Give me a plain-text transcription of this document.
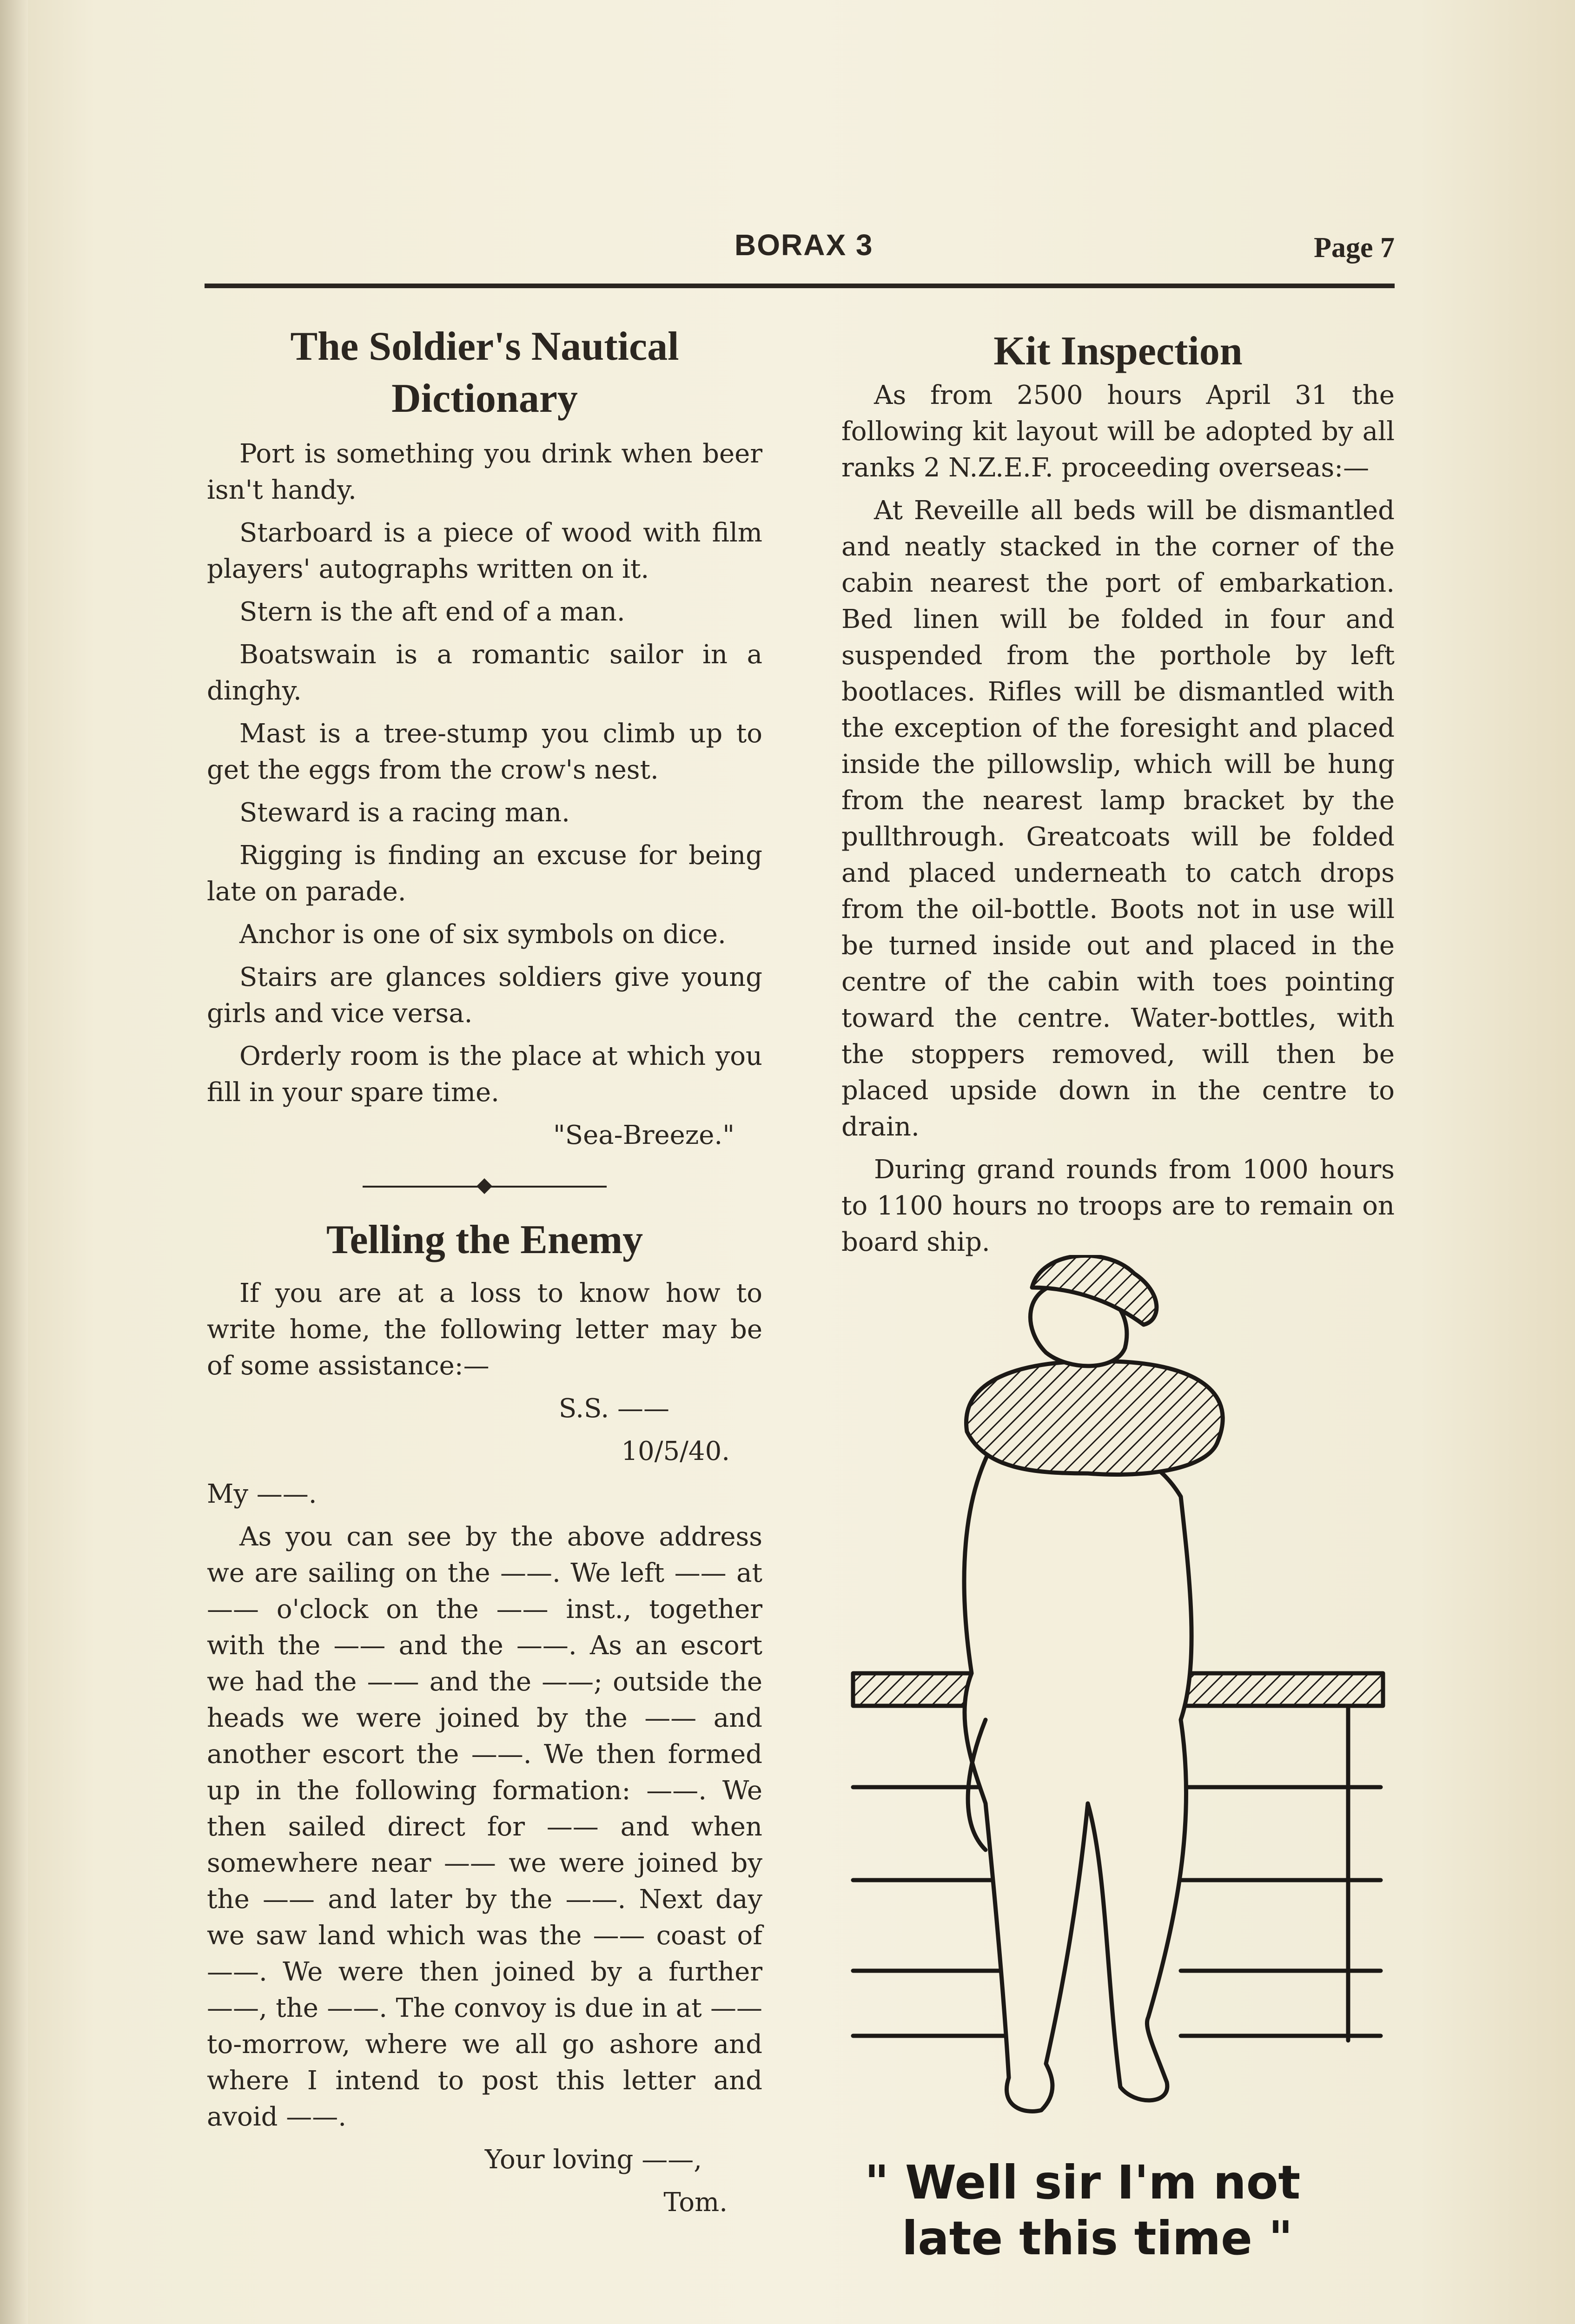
BORAX 3	Page 7
The Soldier's Nautical
Dictionary

Port is something you drink when beer isn't handy.

Starboard is a piece of wood with film players' autographs written on it.

Stern is the aft end of a man.

Boatswain is a romantic sailor in a dinghy.

Mast is a tree-stump you climb up to get the eggs from the crow's nest.

Steward is a racing man.

Rigging is finding an excuse for being late on parade.

Anchor is one of six symbols on dice.

Stairs are glances soldiers give young girls and vice versa.

Orderly room is the place at which you fill in your spare time.

"Sea-Breeze."

Telling the Enemy

If you are at a loss to know how to write home, the following letter may be of some assistance:—

S.S. ——

10/5/40.

My ——.

As you can see by the above address we are sailing on the ——. We left —— at —— o'clock on the —— inst., together with the —— and the ——. As an escort we had the —— and the ——; outside the heads we were joined by the —— and another escort the ——. We then formed up in the following formation: ——. We then sailed direct for —— and when somewhere near —— we were joined by the —— and later by the ——. Next day we saw land which was the —— coast of ——. We were then joined by a further ——, the ——. The convoy is due in at —— to-morrow, where we all go ashore and where I intend to post this letter and avoid ——.

Your loving ——,

Tom.

Kit Inspection

As from 2500 hours April 31 the following kit layout will be adopted by all ranks 2 N.Z.E.F. proceeding overseas:—

At Reveille all beds will be dismantled and neatly stacked in the corner of the cabin nearest the port of embarkation. Bed linen will be folded in four and suspended from the porthole by left bootlaces. Rifles will be dismantled with the exception of the foresight and placed inside the pillowslip, which will be hung from the nearest lamp bracket by the pullthrough. Greatcoats will be folded and placed underneath to catch drops from the oil-bottle. Boots not in use will be turned inside out and placed in the centre of the cabin with toes pointing toward the centre. Water-bottles, with the stoppers removed, will then be placed upside down in the centre to drain.

During grand rounds from 1000 hours to 1100 hours no troops are to remain on board ship.

" Well sir I'm not
late this time "
